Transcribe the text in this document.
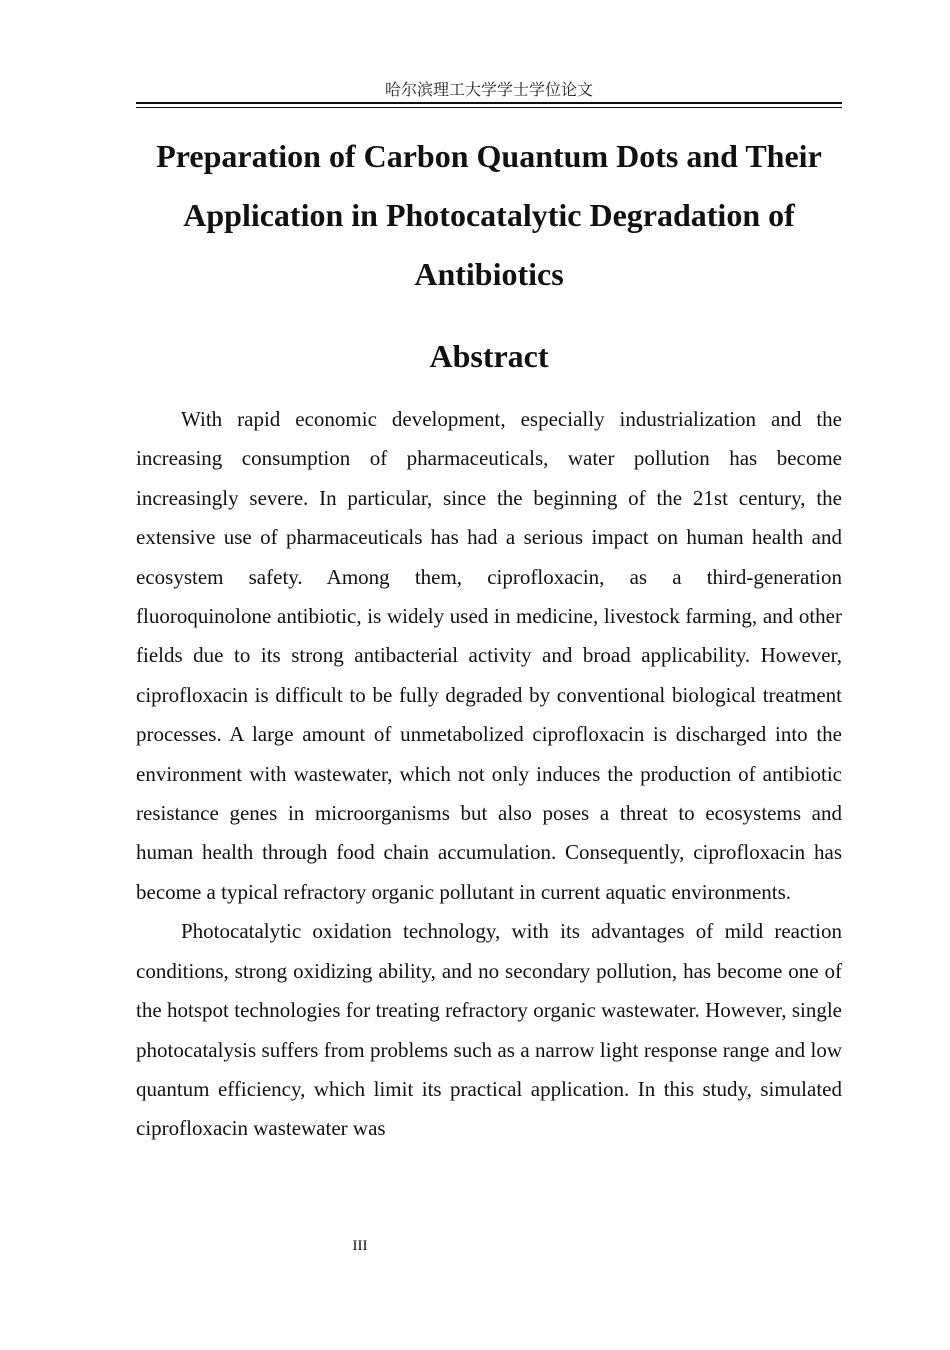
哈尔滨理工大学学士学位论文
Preparation of Carbon Quantum Dots and Their Application in Photocatalytic Degradation of Antibiotics
Abstract

With rapid economic development, especially industrialization and the increasing consumption of pharmaceuticals, water pollution has become increasingly severe. In particular, since the beginning of the 21st century, the extensive use of pharmaceuticals has had a serious impact on human health and ecosystem safety. Among them, ciprofloxacin, as a third-generation fluoroquinolone antibiotic, is widely used in medicine, livestock farming, and other fields due to its strong antibacterial activity and broad applicability. However, ciprofloxacin is difficult to be fully degraded by conventional biological treatment processes. A large amount of unmetabolized ciprofloxacin is discharged into the environment with wastewater, which not only induces the production of antibiotic resistance genes in microorganisms but also poses a threat to ecosystems and human health through food chain accumulation. Consequently, ciprofloxacin has become a typical refractory organic pollutant in current aquatic environments.

Photocatalytic oxidation technology, with its advantages of mild reaction conditions, strong oxidizing ability, and no secondary pollution, has become one of the hotspot technologies for treating refractory organic wastewater. However, single photocatalysis suffers from problems such as a narrow light response range and low quantum efficiency, which limit its practical application. In this study, simulated ciprofloxacin wastewater was

III
